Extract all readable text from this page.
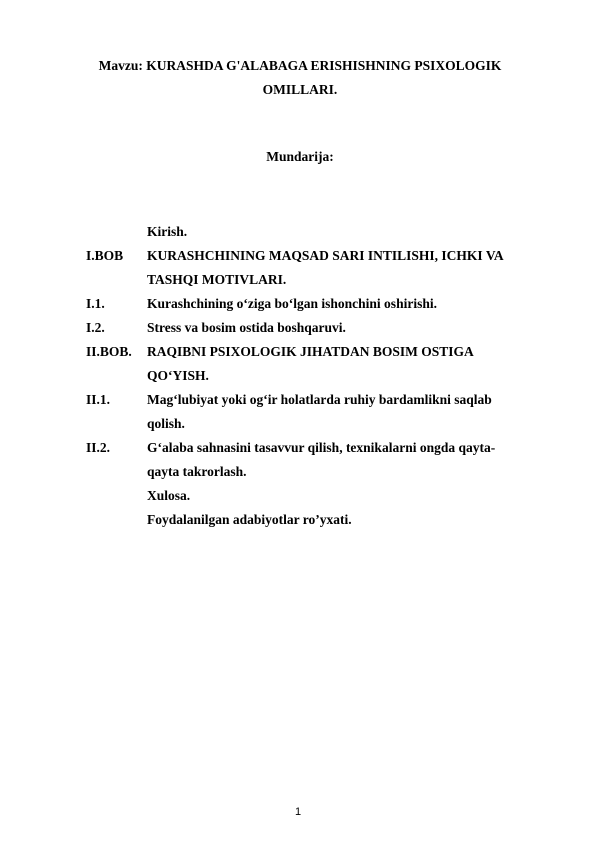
Mavzu: KURASHDA G'ALABAGA ERISHISHNING PSIXOLOGIK
OMILLARI.
Mundarija:
Kirish.
I.BOB	KURASHCHINING MAQSAD SARI INTILISHI, ICHKI VA
TASHQI MOTIVLARI.
I.1.	Kurashchining o‘ziga bo‘lgan ishonchini oshirishi.
I.2.	Stress va bosim ostida boshqaruvi.
II.BOB.	RAQIBNI PSIXOLOGIK JIHATDAN BOSIM OSTIGA
QO‘YISH.
II.1.	Mag‘lubiyat yoki og‘ir holatlarda ruhiy bardamlikni saqlab
qolish.
II.2.	G‘alaba sahnasini tasavvur qilish, texnikalarni ongda qayta-
qayta takrorlash.
Xulosa.
Foydalanilgan adabiyotlar ro’yxati.
1
